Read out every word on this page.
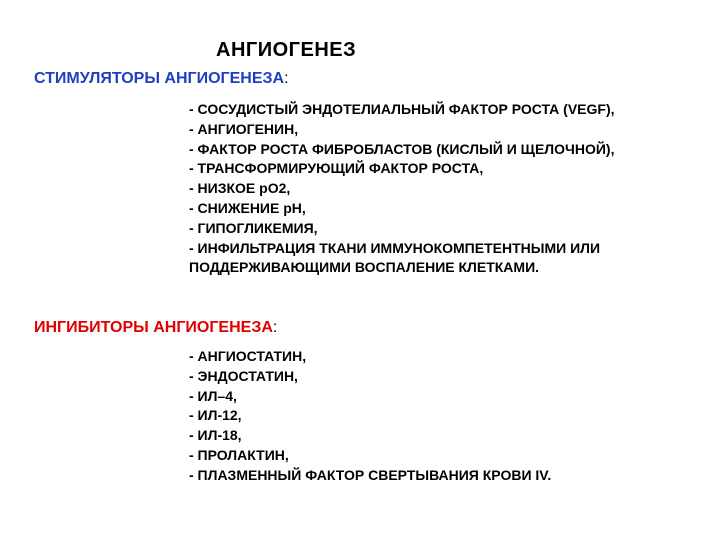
АНГИОГЕНЕЗ
СТИМУЛЯТОРЫ АНГИОГЕНЕЗА:
- СОСУДИСТЫЙ ЭНДОТЕЛИАЛЬНЫЙ ФАКТОР РОСТА (VEGF),
- АНГИОГЕНИН,
- ФАКТОР РОСТА ФИБРОБЛАСТОВ (КИСЛЫЙ И ЩЕЛОЧНОЙ),
- ТРАНСФОРМИРУЮЩИЙ ФАКТОР РОСТА,
- НИЗКОЕ рО2,
- СНИЖЕНИЕ рН,
- ГИПОГЛИКЕМИЯ,
- ИНФИЛЬТРАЦИЯ ТКАНИ ИММУНОКОМПЕТЕНТНЫМИ ИЛИ
ПОДДЕРЖИВАЮЩИМИ ВОСПАЛЕНИЕ КЛЕТКАМИ.
ИНГИБИТОРЫ АНГИОГЕНЕЗА:
- АНГИОСТАТИН,
- ЭНДОСТАТИН,
- ИЛ–4,
- ИЛ-12,
- ИЛ-18,
- ПРОЛАКТИН,
- ПЛАЗМЕННЫЙ ФАКТОР СВЕРТЫВАНИЯ КРОВИ IV.
